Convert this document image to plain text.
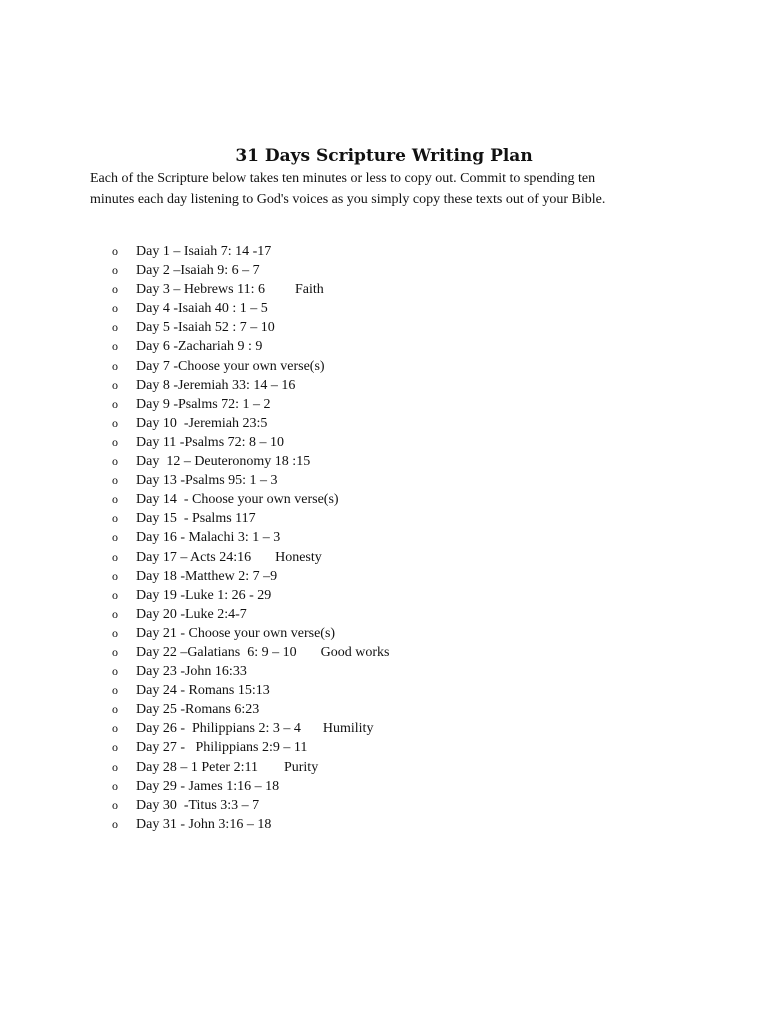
31 Days Scripture Writing Plan

Each of the Scripture below takes ten minutes or less to copy out. Commit to spending ten
minutes each day listening to God's voices as you simply copy these texts out of your Bible.

o Day 1 – Isaiah 7: 14 -17
o Day 2 –Isaiah 9: 6 – 7
o Day 3 – Hebrews 11: 6 Faith
o Day 4 -Isaiah 40 : 1 – 5
o Day 5 -Isaiah 52 : 7 – 10
o Day 6 -Zachariah 9 : 9
o Day 7 -Choose your own verse(s)
o Day 8 -Jeremiah 33: 14 – 16
o Day 9 -Psalms 72: 1 – 2
o Day 10  -Jeremiah 23:5
o Day 11 -Psalms 72: 8 – 10
o Day  12 – Deuteronomy 18 :15
o Day 13 -Psalms 95: 1 – 3
o Day 14  - Choose your own verse(s)
o Day 15  - Psalms 117
o Day 16 - Malachi 3: 1 – 3
o Day 17 – Acts 24:16 Honesty
o Day 18 -Matthew 2: 7 –9
o Day 19 -Luke 1: 26 - 29
o Day 20 -Luke 2:4-7
o Day 21 - Choose your own verse(s)
o Day 22 –Galatians  6: 9 – 10 Good works
o Day 23 -John 16:33
o Day 24 - Romans 15:13
o Day 25 -Romans 6:23
o Day 26 -  Philippians 2: 3 – 4 Humility
o Day 27 -   Philippians 2:9 – 11
o Day 28 – 1 Peter 2:11 Purity
o Day 29 - James 1:16 – 18
o Day 30  -Titus 3:3 – 7
o Day 31 - John 3:16 – 18
